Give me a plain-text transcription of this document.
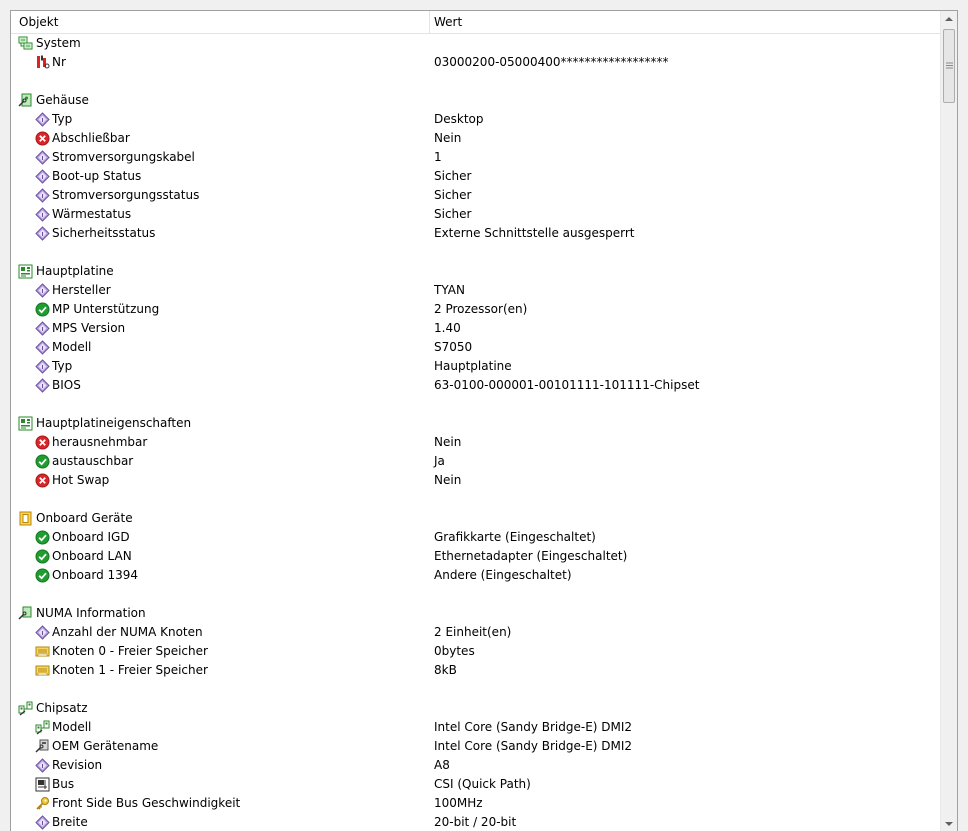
Objekt	Wert
System
Nr	03000200-05000400******************
Gehäuse
Typ	Desktop
Abschließbar	Nein
Stromversorgungskabel	1
Boot-up Status	Sicher
Stromversorgungsstatus	Sicher
Wärmestatus	Sicher
Sicherheitsstatus	Externe Schnittstelle ausgesperrt
Hauptplatine
Hersteller	TYAN
MP Unterstützung	2 Prozessor(en)
MPS Version	1.40
Modell	S7050
Typ	Hauptplatine
BIOS	63-0100-000001-00101111-101111-Chipset
Hauptplatineigenschaften
herausnehmbar	Nein
austauschbar	Ja
Hot Swap	Nein
Onboard Geräte
Onboard IGD	Grafikkarte (Eingeschaltet)
Onboard LAN	Ethernetadapter (Eingeschaltet)
Onboard 1394	Andere (Eingeschaltet)
NUMA Information
Anzahl der NUMA Knoten	2 Einheit(en)
Knoten 0 - Freier Speicher	0bytes
Knoten 1 - Freier Speicher	8kB
Chipsatz
Modell	Intel Core (Sandy Bridge-E) DMI2
OEM Gerätename	Intel Core (Sandy Bridge-E) DMI2
Revision	A8
Bus	CSI (Quick Path)
Front Side Bus Geschwindigkeit	100MHz
Breite	20-bit / 20-bit
